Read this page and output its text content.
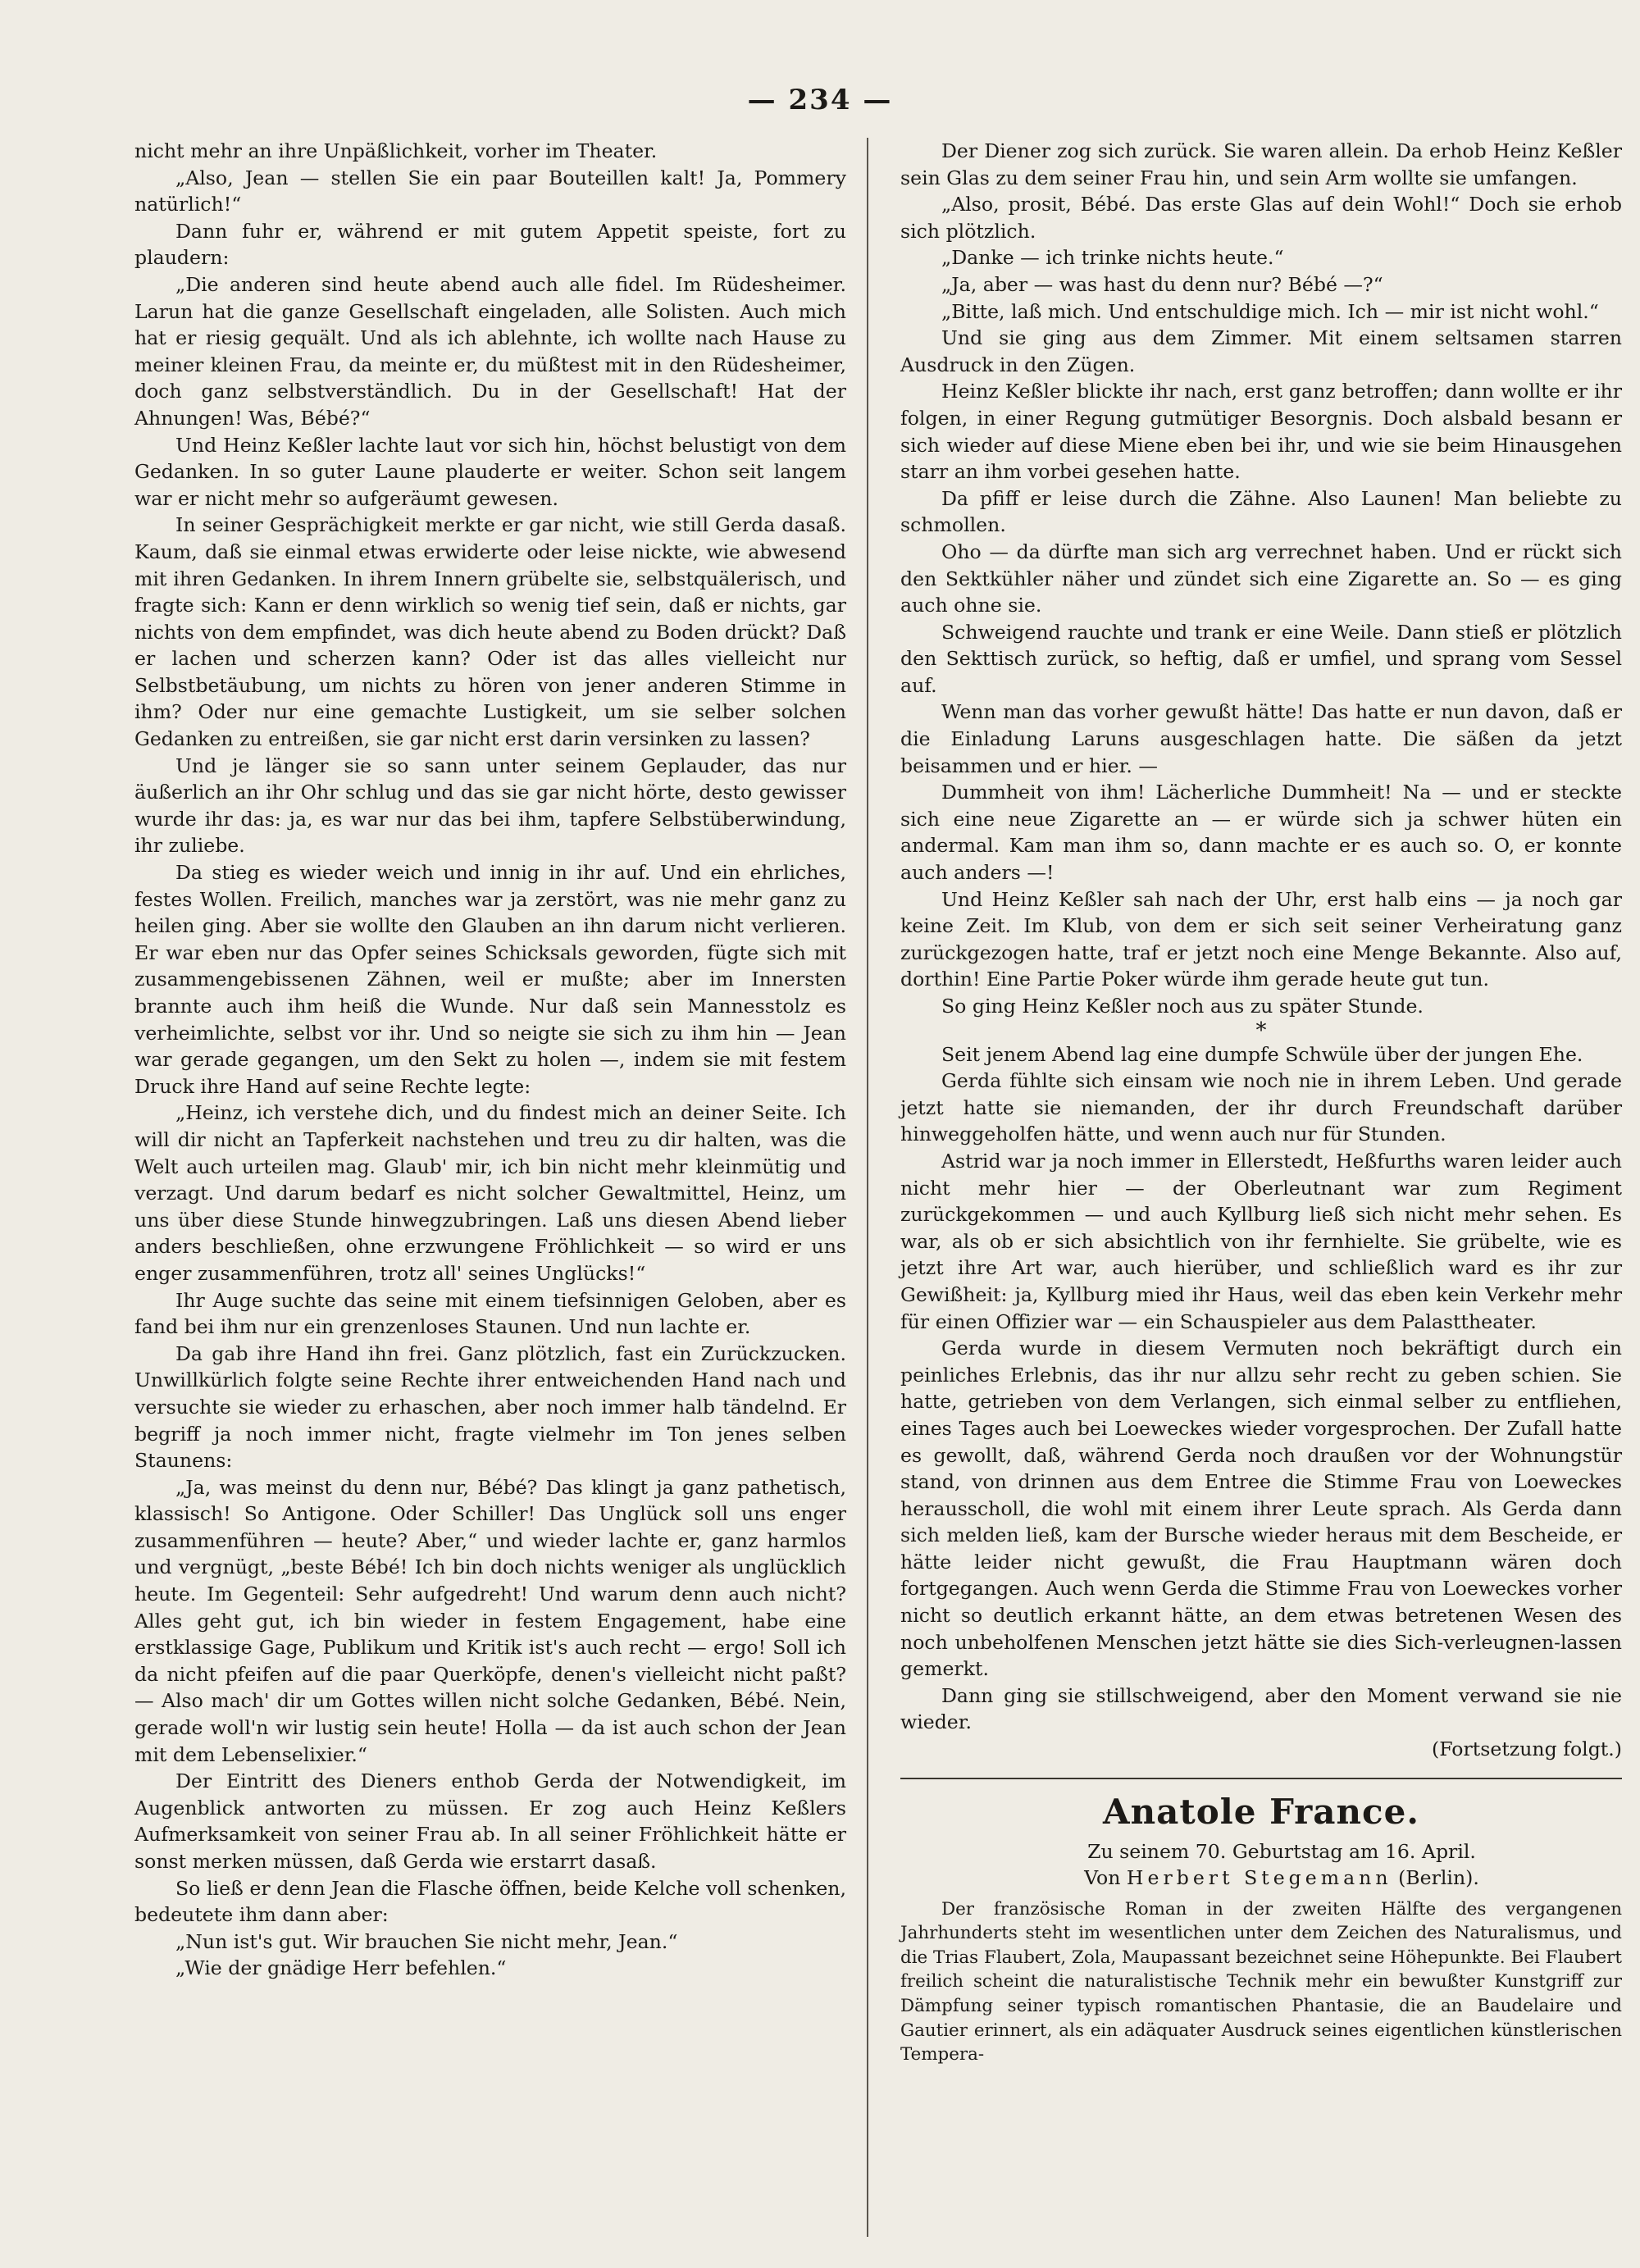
— 234 —

nicht mehr an ihre Unpäßlichkeit, vorher im Theater.

„Also, Jean — stellen Sie ein paar Bouteillen kalt! Ja, Pommery natürlich!“

Dann fuhr er, während er mit gutem Appetit speiste, fort zu plaudern:

„Die anderen sind heute abend auch alle fidel. Im Rüdesheimer. Larun hat die ganze Gesellschaft eingeladen, alle Solisten. Auch mich hat er riesig gequält. Und als ich ablehnte, ich wollte nach Hause zu meiner kleinen Frau, da meinte er, du müßtest mit in den Rüdesheimer, doch ganz selbstverständlich. Du in der Gesellschaft! Hat der Ahnungen! Was, Bébé?“

Und Heinz Keßler lachte laut vor sich hin, höchst belustigt von dem Gedanken. In so guter Laune plauderte er weiter. Schon seit langem war er nicht mehr so aufgeräumt gewesen.

In seiner Gesprächigkeit merkte er gar nicht, wie still Gerda dasaß. Kaum, daß sie einmal etwas erwiderte oder leise nickte, wie abwesend mit ihren Gedanken. In ihrem Innern grübelte sie, selbstquälerisch, und fragte sich: Kann er denn wirklich so wenig tief sein, daß er nichts, gar nichts von dem empfindet, was dich heute abend zu Boden drückt? Daß er lachen und scherzen kann? Oder ist das alles vielleicht nur Selbstbetäubung, um nichts zu hören von jener anderen Stimme in ihm? Oder nur eine gemachte Lustigkeit, um sie selber solchen Gedanken zu entreißen, sie gar nicht erst darin versinken zu lassen?

Und je länger sie so sann unter seinem Geplauder, das nur äußerlich an ihr Ohr schlug und das sie gar nicht hörte, desto gewisser wurde ihr das: ja, es war nur das bei ihm, tapfere Selbstüberwindung, ihr zuliebe.

Da stieg es wieder weich und innig in ihr auf. Und ein ehrliches, festes Wollen. Freilich, manches war ja zerstört, was nie mehr ganz zu heilen ging. Aber sie wollte den Glauben an ihn darum nicht verlieren. Er war eben nur das Opfer seines Schicksals geworden, fügte sich mit zusammengebissenen Zähnen, weil er mußte; aber im Innersten brannte auch ihm heiß die Wunde. Nur daß sein Mannesstolz es verheimlichte, selbst vor ihr. Und so neigte sie sich zu ihm hin — Jean war gerade gegangen, um den Sekt zu holen —, indem sie mit festem Druck ihre Hand auf seine Rechte legte:

„Heinz, ich verstehe dich, und du findest mich an deiner Seite. Ich will dir nicht an Tapferkeit nachstehen und treu zu dir halten, was die Welt auch urteilen mag. Glaub' mir, ich bin nicht mehr kleinmütig und verzagt. Und darum bedarf es nicht solcher Gewaltmittel, Heinz, um uns über diese Stunde hinwegzubringen. Laß uns diesen Abend lieber anders beschließen, ohne erzwungene Fröhlichkeit — so wird er uns enger zusammenführen, trotz all' seines Unglücks!“

Ihr Auge suchte das seine mit einem tiefsinnigen Geloben, aber es fand bei ihm nur ein grenzenloses Staunen. Und nun lachte er.

Da gab ihre Hand ihn frei. Ganz plötzlich, fast ein Zurückzucken. Unwillkürlich folgte seine Rechte ihrer entweichenden Hand nach und versuchte sie wieder zu erhaschen, aber noch immer halb tändelnd. Er begriff ja noch immer nicht, fragte vielmehr im Ton jenes selben Staunens:

„Ja, was meinst du denn nur, Bébé? Das klingt ja ganz pathetisch, klassisch! So Antigone. Oder Schiller! Das Unglück soll uns enger zusammenführen — heute? Aber,“ und wieder lachte er, ganz harmlos und vergnügt, „beste Bébé! Ich bin doch nichts weniger als unglücklich heute. Im Gegenteil: Sehr aufgedreht! Und warum denn auch nicht? Alles geht gut, ich bin wieder in festem Engagement, habe eine erstklassige Gage, Publikum und Kritik ist's auch recht — ergo! Soll ich da nicht pfeifen auf die paar Querköpfe, denen's vielleicht nicht paßt? — Also mach' dir um Gottes willen nicht solche Gedanken, Bébé. Nein, gerade woll'n wir lustig sein heute! Holla — da ist auch schon der Jean mit dem Lebenselixier.“

Der Eintritt des Dieners enthob Gerda der Notwendigkeit, im Augenblick antworten zu müssen. Er zog auch Heinz Keßlers Aufmerksamkeit von seiner Frau ab. In all seiner Fröhlichkeit hätte er sonst merken müssen, daß Gerda wie erstarrt dasaß.

So ließ er denn Jean die Flasche öffnen, beide Kelche voll schenken, bedeutete ihm dann aber:

„Nun ist's gut. Wir brauchen Sie nicht mehr, Jean.“

„Wie der gnädige Herr befehlen.“

Der Diener zog sich zurück. Sie waren allein. Da erhob Heinz Keßler sein Glas zu dem seiner Frau hin, und sein Arm wollte sie umfangen.

„Also, prosit, Bébé. Das erste Glas auf dein Wohl!“ Doch sie erhob sich plötzlich.

„Danke — ich trinke nichts heute.“

„Ja, aber — was hast du denn nur? Bébé —?“

„Bitte, laß mich. Und entschuldige mich. Ich — mir ist nicht wohl.“

Und sie ging aus dem Zimmer. Mit einem seltsamen starren Ausdruck in den Zügen.

Heinz Keßler blickte ihr nach, erst ganz betroffen; dann wollte er ihr folgen, in einer Regung gutmütiger Besorgnis. Doch alsbald besann er sich wieder auf diese Miene eben bei ihr, und wie sie beim Hinausgehen starr an ihm vorbei gesehen hatte.

Da pfiff er leise durch die Zähne. Also Launen! Man beliebte zu schmollen.

Oho — da dürfte man sich arg verrechnet haben. Und er rückt sich den Sektkühler näher und zündet sich eine Zigarette an. So — es ging auch ohne sie.

Schweigend rauchte und trank er eine Weile. Dann stieß er plötzlich den Sekttisch zurück, so heftig, daß er umfiel, und sprang vom Sessel auf.

Wenn man das vorher gewußt hätte! Das hatte er nun davon, daß er die Einladung Laruns ausgeschlagen hatte. Die säßen da jetzt beisammen und er hier. —

Dummheit von ihm! Lächerliche Dummheit! Na — und er steckte sich eine neue Zigarette an — er würde sich ja schwer hüten ein andermal. Kam man ihm so, dann machte er es auch so. O, er konnte auch anders —!

Und Heinz Keßler sah nach der Uhr, erst halb eins — ja noch gar keine Zeit. Im Klub, von dem er sich seit seiner Verheiratung ganz zurückgezogen hatte, traf er jetzt noch eine Menge Bekannte. Also auf, dorthin! Eine Partie Poker würde ihm gerade heute gut tun.

So ging Heinz Keßler noch aus zu später Stunde.

*

Seit jenem Abend lag eine dumpfe Schwüle über der jungen Ehe.

Gerda fühlte sich einsam wie noch nie in ihrem Leben. Und gerade jetzt hatte sie niemanden, der ihr durch Freundschaft darüber hinweggeholfen hätte, und wenn auch nur für Stunden.

Astrid war ja noch immer in Ellerstedt, Heßfurths waren leider auch nicht mehr hier — der Oberleutnant war zum Regiment zurückgekommen — und auch Kyllburg ließ sich nicht mehr sehen. Es war, als ob er sich absichtlich von ihr fernhielte. Sie grübelte, wie es jetzt ihre Art war, auch hierüber, und schließlich ward es ihr zur Gewißheit: ja, Kyllburg mied ihr Haus, weil das eben kein Verkehr mehr für einen Offizier war — ein Schauspieler aus dem Palasttheater.

Gerda wurde in diesem Vermuten noch bekräftigt durch ein peinliches Erlebnis, das ihr nur allzu sehr recht zu geben schien. Sie hatte, getrieben von dem Verlangen, sich einmal selber zu entfliehen, eines Tages auch bei Loeweckes wieder vorgesprochen. Der Zufall hatte es gewollt, daß, während Gerda noch draußen vor der Wohnungstür stand, von drinnen aus dem Entree die Stimme Frau von Loeweckes herausscholl, die wohl mit einem ihrer Leute sprach. Als Gerda dann sich melden ließ, kam der Bursche wieder heraus mit dem Bescheide, er hätte leider nicht gewußt, die Frau Hauptmann wären doch fortgegangen. Auch wenn Gerda die Stimme Frau von Loeweckes vorher nicht so deutlich erkannt hätte, an dem etwas betretenen Wesen des noch unbeholfenen Menschen jetzt hätte sie dies Sich-verleugnen-lassen gemerkt.

Dann ging sie stillschweigend, aber den Moment verwand sie nie wieder.

(Fortsetzung folgt.)

Anatole France.

Zu seinem 70. Geburtstag am 16. April.

Von Herbert Stegemann (Berlin).

Der französische Roman in der zweiten Hälfte des vergangenen Jahrhunderts steht im wesentlichen unter dem Zeichen des Naturalismus, und die Trias Flaubert, Zola, Maupassant bezeichnet seine Höhepunkte. Bei Flaubert freilich scheint die naturalistische Technik mehr ein bewußter Kunstgriff zur Dämpfung seiner typisch romantischen Phantasie, die an Baudelaire und Gautier erinnert, als ein adäquater Ausdruck seines eigentlichen künstlerischen Tempera-
